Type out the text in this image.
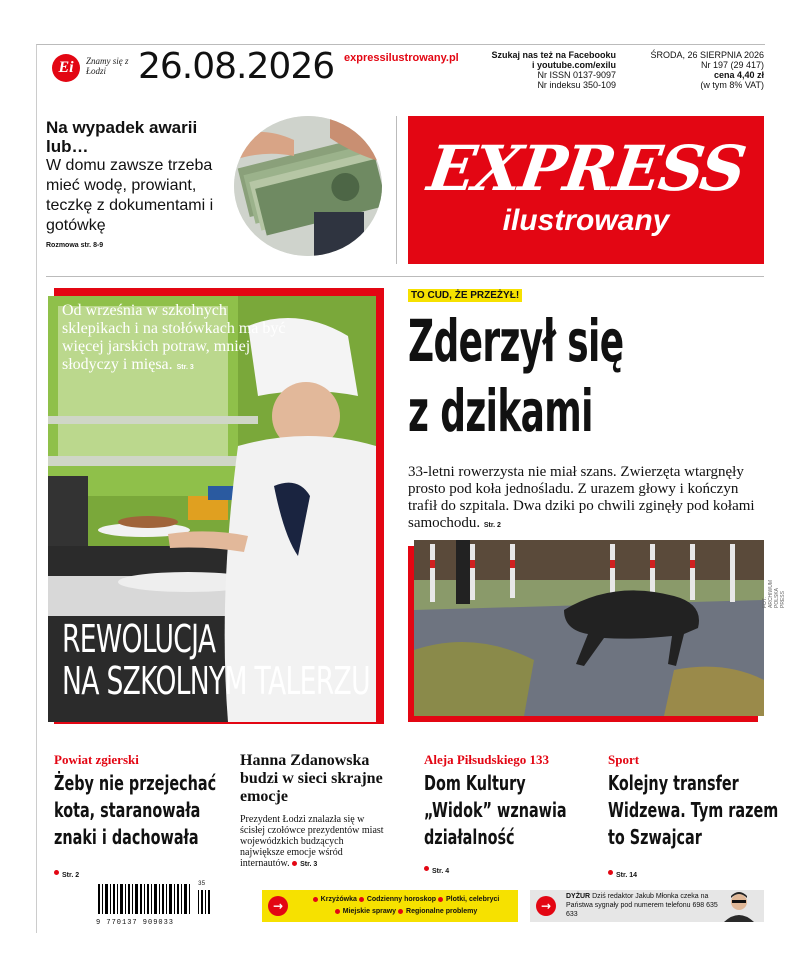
Ei	Znamy się z Łodzi 26.08.2026 expressilustrowany.pl	Szukaj nas też na Facebooku
i youtube.com/exilu
Nr ISSN 0137-9097
Nr indeksu 350-109
ŚRODA, 26 SIERPNIA 2026
Nr 197 (29 417)
cena 4,40 zł
(w tym 8% VAT)
Na wypadek awarii lub…
W domu zawsze trzeba mieć wodę, prowiant, teczkę z dokumentami i gotówkę
Rozmowa str. 8-9
EXPRESS
ilustrowany
Od września w szkolnych sklepikach i na stołówkach ma być więcej jarskich potraw, mniej słodyczy i mięsa. Str. 3
REWOLUCJA
NA SZKOLNYM TALERZU
TO CUD, ŻE PRZEŻYŁ!
Zderzył się
z dzikami
33-letni rowerzysta nie miał szans. Zwierzęta wtargnęły prosto pod koła jednośladu. Z urazem głowy i kończyn trafił do szpitala. Dwa dziki po chwili zginęły pod kołami samochodu. Str. 2
FOT. ARCHIWUM POLSKA PRESS
Powiat zgierski
Żeby nie przejechać kota, staranowała znaki i dachowała
Str. 2
Hanna Zdanowska budzi w sieci skrajne emocje
Prezydent Łodzi znalazła się w ścisłej czołówce prezydentów miast wojewódzkich budzących największe emocje wśród internautów. Str. 3
Aleja Piłsudskiego 133
Dom Kultury „Widok” wznawia działalność
Str. 4
Sport
Kolejny transfer Widzewa. Tym razem to Szwajcar
Str. 14
9 770137 909033
35
→	Krzyżówka Codzienny horoskop Plotki, celebryci
Miejskie sprawy Regionalne problemy	→
DYŻUR Dziś redaktor Jakub Młonka czeka na Państwa sygnały pod numerem telefonu 698 635 633
